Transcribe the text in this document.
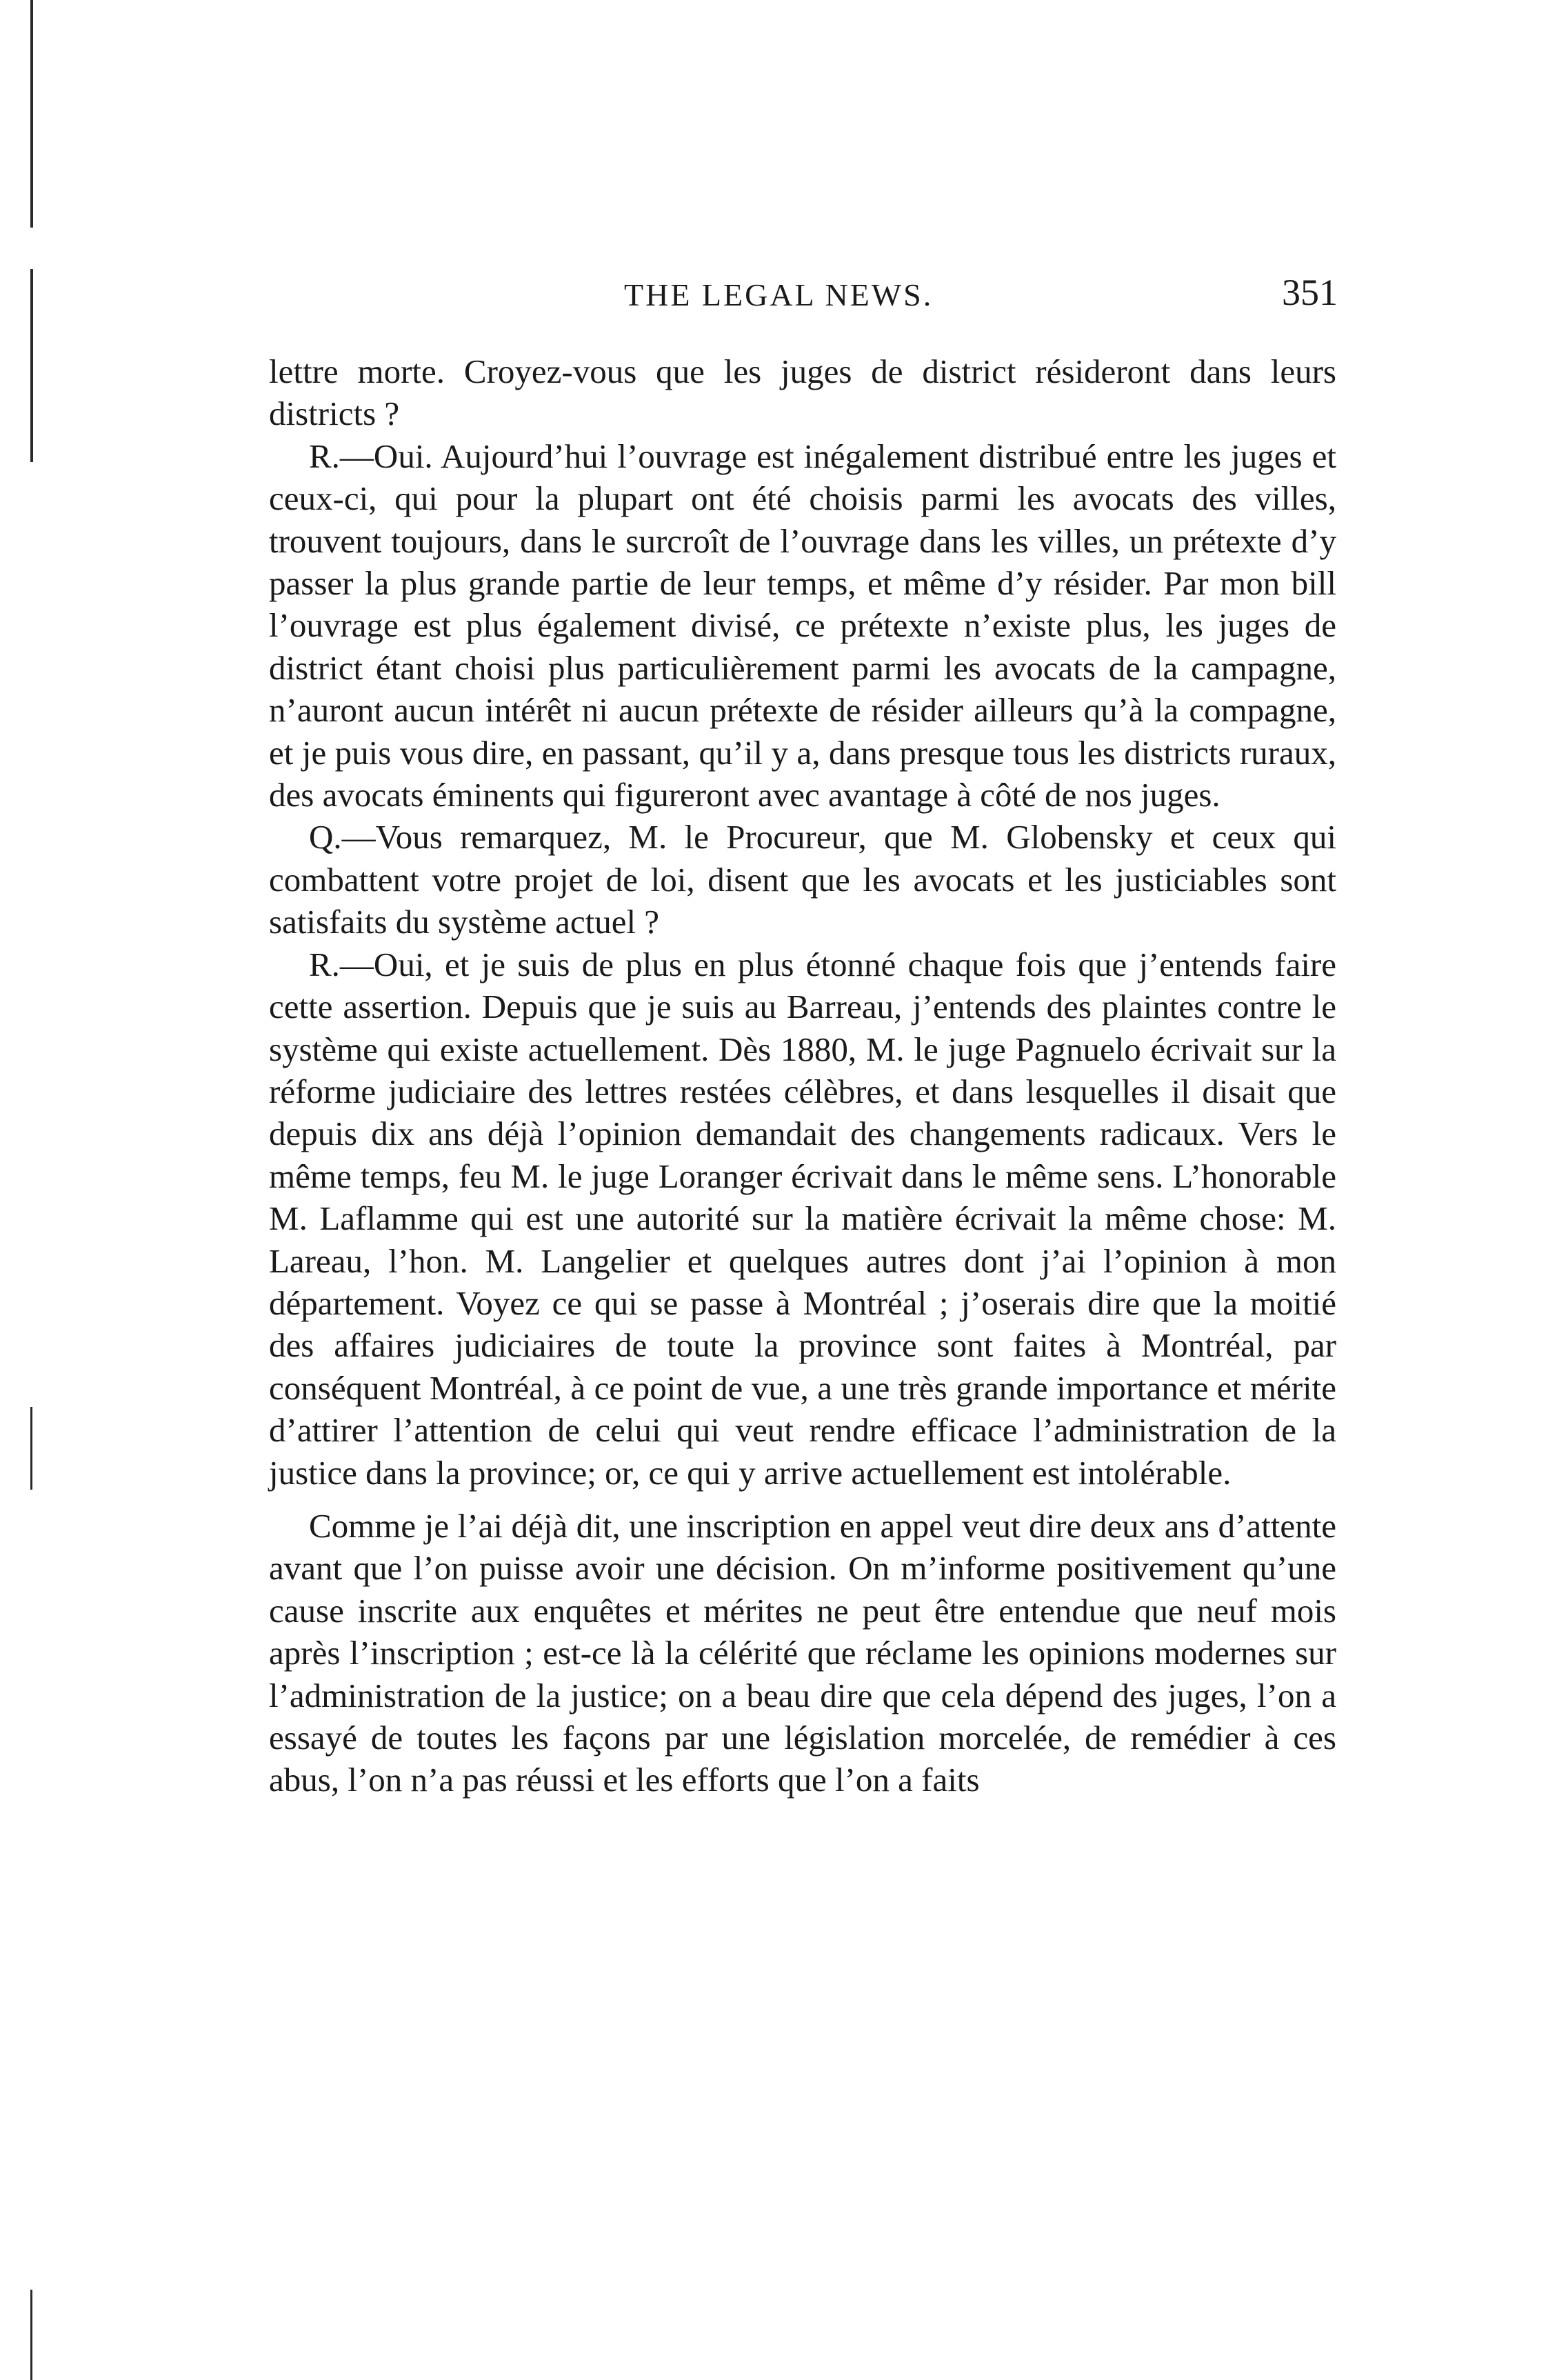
THE LEGAL NEWS.	351

lettre morte. Croyez-vous que les juges de district résideront dans leurs districts ?

R.—Oui. Aujourd’hui l’ouvrage est inégalement distribué entre les juges et ceux-ci, qui pour la plupart ont été choisis parmi les avocats des villes, trouvent toujours, dans le surcroît de l’ouvrage dans les villes, un prétexte d’y passer la plus grande partie de leur temps, et même d’y résider. Par mon bill l’ouvrage est plus également divisé, ce prétexte n’existe plus, les juges de district étant choisi plus particulièrement parmi les avocats de la campagne, n’auront aucun intérêt ni aucun prétexte de résider ailleurs qu’à la compagne, et je puis vous dire, en passant, qu’il y a, dans presque tous les districts ruraux, des avocats éminents qui figureront avec avantage à côté de nos juges.

Q.—Vous remarquez, M. le Procureur, que M. Globensky et ceux qui combattent votre projet de loi, disent que les avocats et les justiciables sont satisfaits du système actuel ?

R.—Oui, et je suis de plus en plus étonné chaque fois que j’entends faire cette assertion. Depuis que je suis au Barreau, j’entends des plaintes contre le système qui existe actuellement. Dès 1880, M. le juge Pagnuelo écrivait sur la réforme judiciaire des lettres restées célèbres, et dans lesquelles il disait que depuis dix ans déjà l’opinion demandait des changements radicaux. Vers le même temps, feu M. le juge Loranger écrivait dans le même sens. L’honorable M. Laflamme qui est une autorité sur la matière écrivait la même chose: M. Lareau, l’hon. M. Langelier et quelques autres dont j’ai l’opinion à mon département. Voyez ce qui se passe à Montréal ; j’oserais dire que la moitié des affaires judiciaires de toute la province sont faites à Montréal, par conséquent Montréal, à ce point de vue, a une très grande importance et mérite d’attirer l’attention de celui qui veut rendre efficace l’administration de la justice dans la province; or, ce qui y arrive actuellement est intolérable.

Comme je l’ai déjà dit, une inscription en appel veut dire deux ans d’attente avant que l’on puisse avoir une décision. On m’informe positivement qu’une cause inscrite aux enquêtes et mérites ne peut être entendue que neuf mois après l’inscription ; est-ce là la célérité que réclame les opinions modernes sur l’administration de la justice; on a beau dire que cela dépend des juges, l’on a essayé de toutes les façons par une législation morcelée, de remédier à ces abus, l’on n’a pas réussi et les efforts que l’on a faits
